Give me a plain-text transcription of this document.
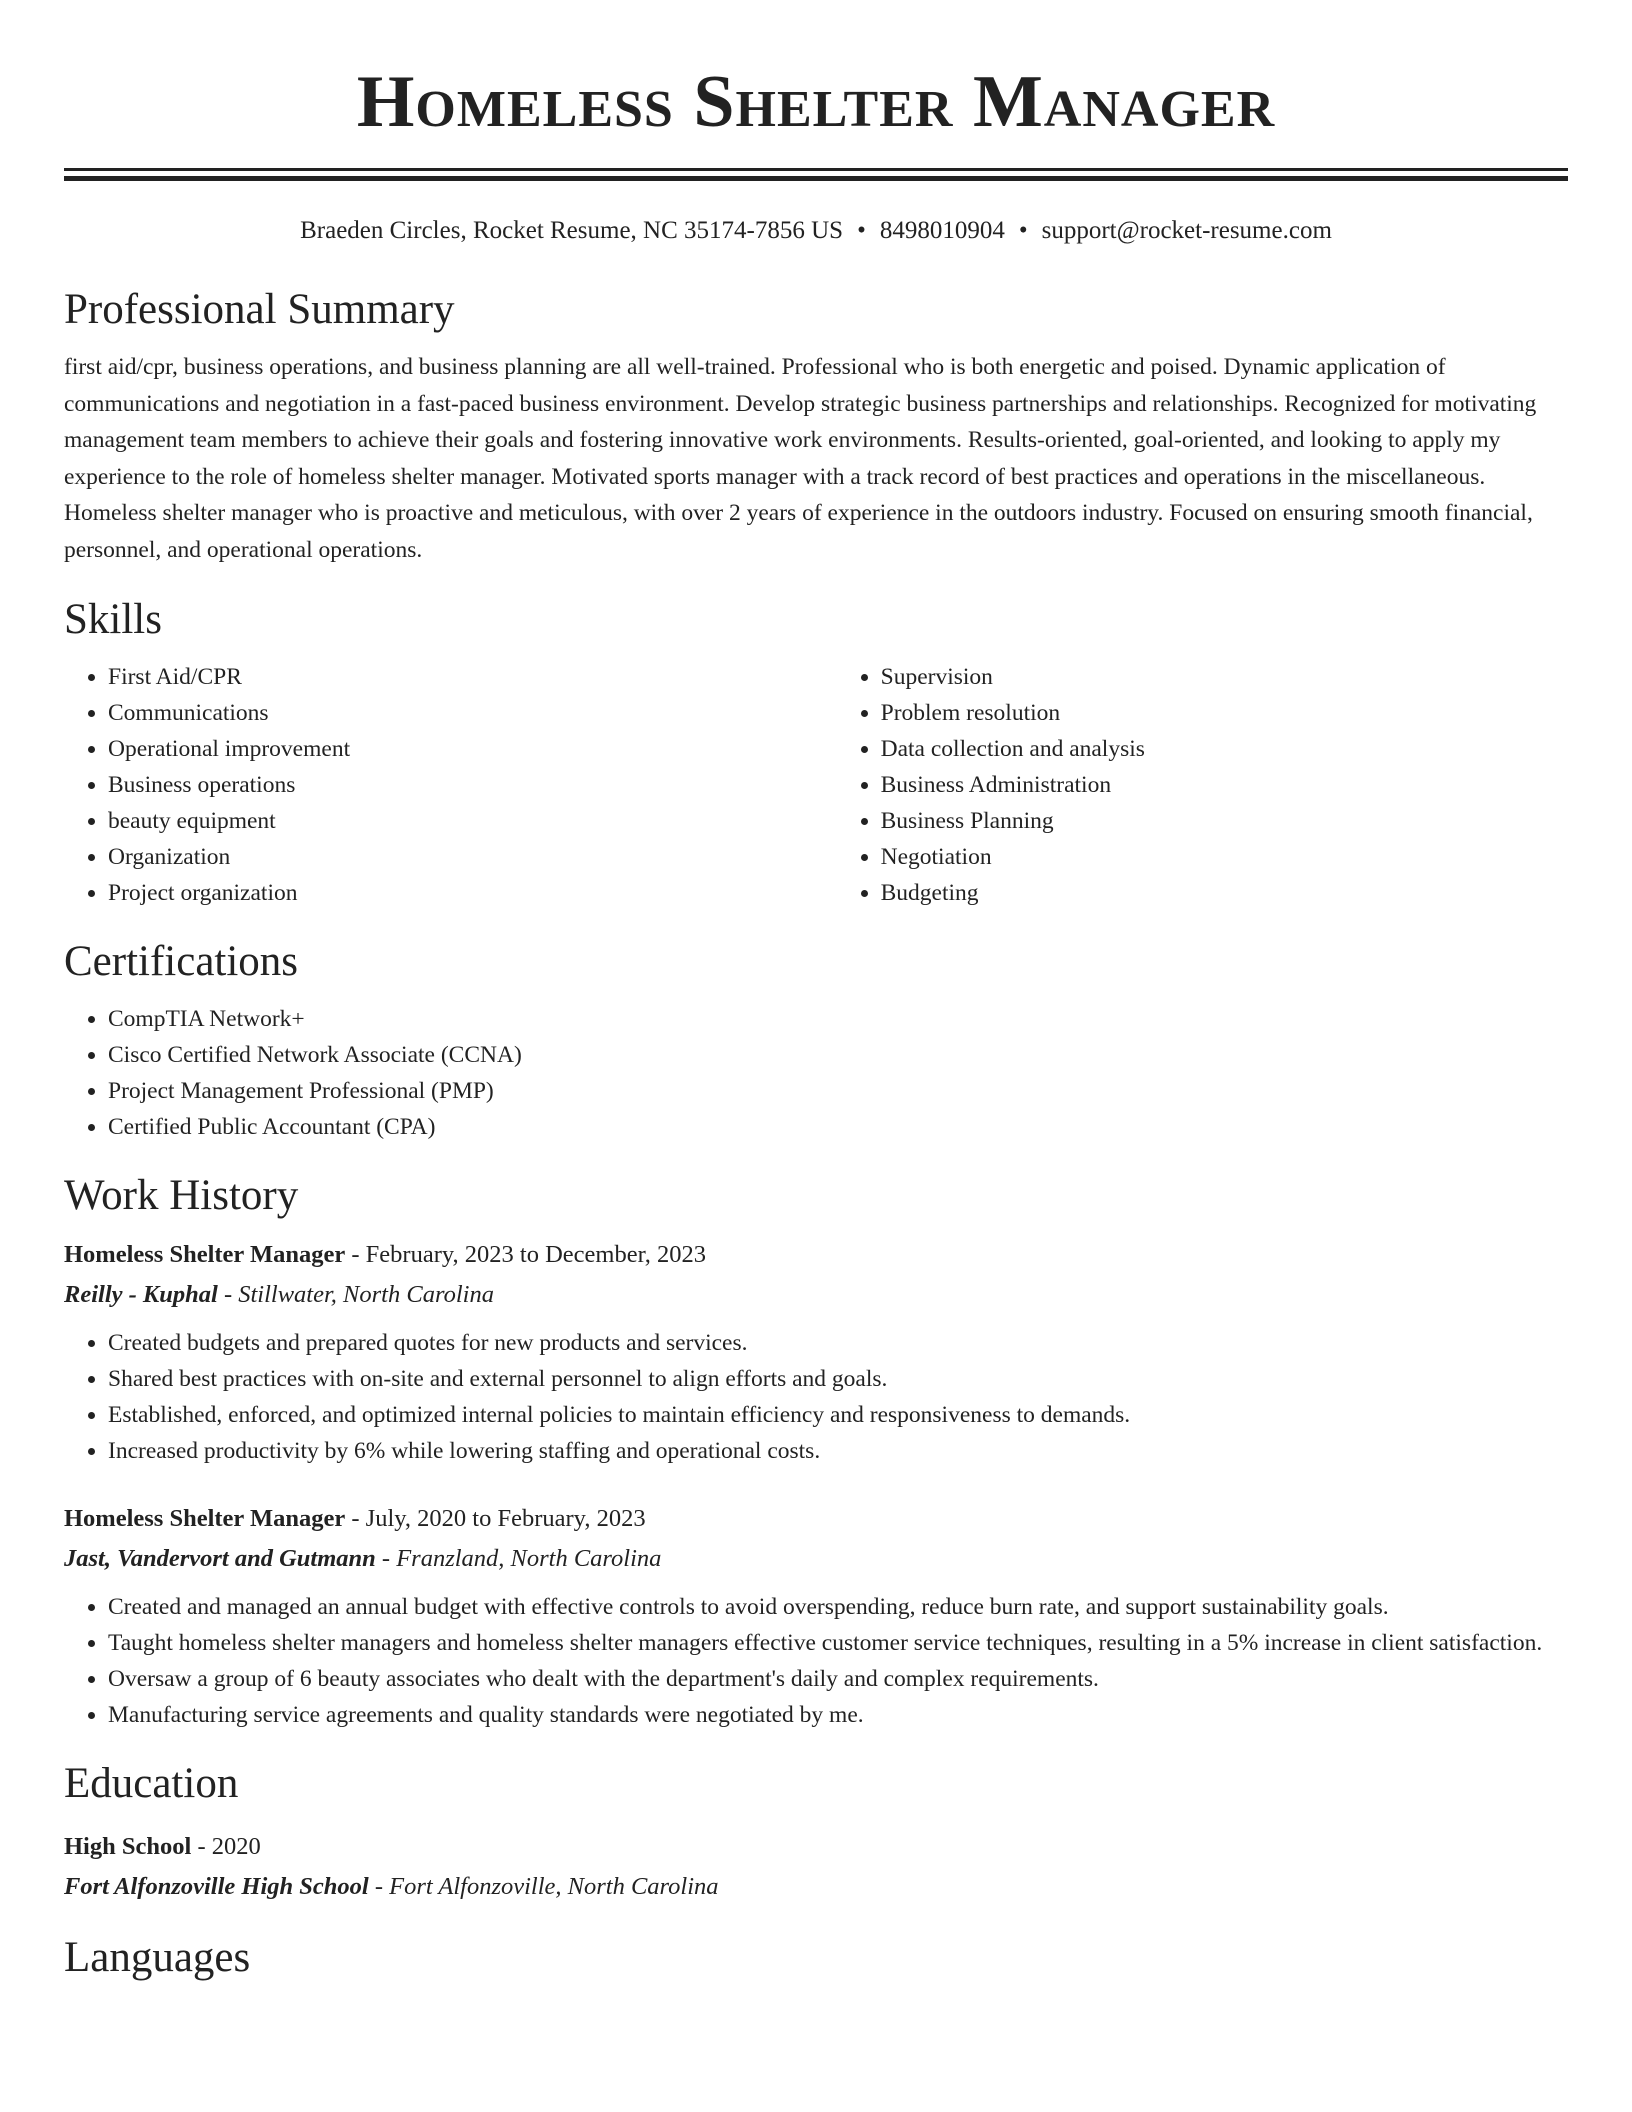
Homeless Shelter Manager
Braeden Circles, Rocket Resume, NC 35174-7856 US • 8498010904 • support@rocket-resume.com
Professional Summary

first aid/cpr, business operations, and business planning are all well-trained. Professional who is both energetic and poised. Dynamic application of communications and negotiation in a fast-paced business environment. Develop strategic business partnerships and relationships. Recognized for motivating management team members to achieve their goals and fostering innovative work environments. Results-oriented, goal-oriented, and looking to apply my experience to the role of homeless shelter manager. Motivated sports manager with a track record of best practices and operations in the miscellaneous. Homeless shelter manager who is proactive and meticulous, with over 2 years of experience in the outdoors industry. Focused on ensuring smooth financial, personnel, and operational operations.

Skills
• First Aid/CPR
• Communications
• Operational improvement
• Business operations
• beauty equipment
• Organization
• Project organization
• Supervision
• Problem resolution
• Data collection and analysis
• Business Administration
• Business Planning
• Negotiation
• Budgeting
Certifications
• CompTIA Network+
• Cisco Certified Network Associate (CCNA)
• Project Management Professional (PMP)
• Certified Public Accountant (CPA)
Work History
Homeless Shelter Manager - February, 2023 to December, 2023
Reilly - Kuphal - Stillwater, North Carolina
• Created budgets and prepared quotes for new products and services.
• Shared best practices with on-site and external personnel to align efforts and goals.
• Established, enforced, and optimized internal policies to maintain efficiency and responsiveness to demands.
• Increased productivity by 6% while lowering staffing and operational costs.
Homeless Shelter Manager - July, 2020 to February, 2023
Jast, Vandervort and Gutmann - Franzland, North Carolina
• Created and managed an annual budget with effective controls to avoid overspending, reduce burn rate, and support sustainability goals.
• Taught homeless shelter managers and homeless shelter managers effective customer service techniques, resulting in a 5% increase in client satisfaction.
• Oversaw a group of 6 beauty associates who dealt with the department's daily and complex requirements.
• Manufacturing service agreements and quality standards were negotiated by me.
Education
High School - 2020
Fort Alfonzoville High School - Fort Alfonzoville, North Carolina
Languages
